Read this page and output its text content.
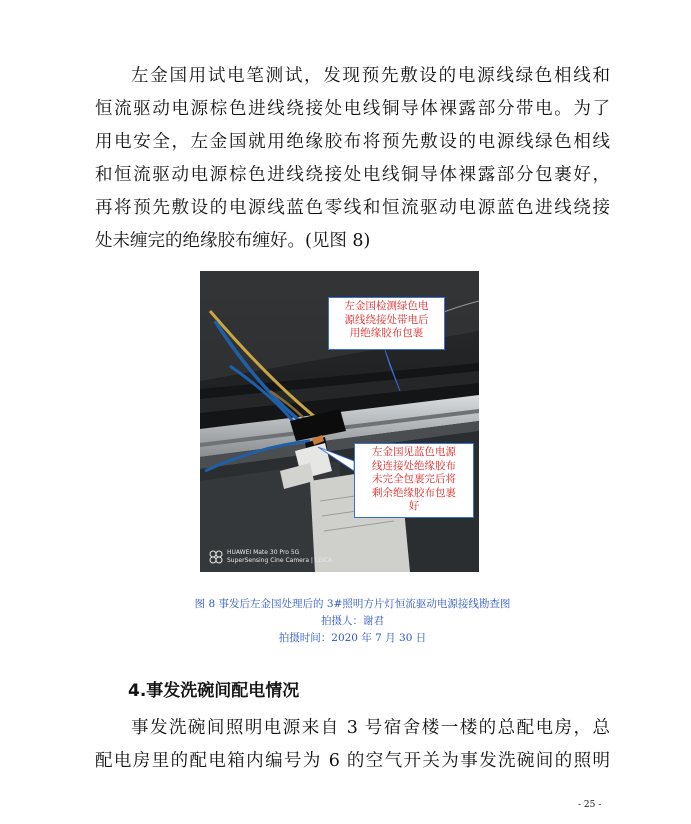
左金国用试电笔测试，发现预先敷设的电源线绿色相线和
恒流驱动电源棕色进线绕接处电线铜导体裸露部分带电。为了
用电安全，左金国就用绝缘胶布将预先敷设的电源线绿色相线
和恒流驱动电源棕色进线绕接处电线铜导体裸露部分包裹好，
再将预先敷设的电源线蓝色零线和恒流驱动电源蓝色进线绕接
处未缠完的绝缘胶布缠好。(见图 8)
左金国检测绿色电
源线绕接处带电后
用绝缘胶布包裹
左金国见蓝色电源
线连接处绝缘胶布
未完全包裹完后将
剩余绝缘胶布包裹
好
HUAWEI Mate 30 Pro 5G
SuperSensing Cine Camera | LEICA
图 8 事发后左金国处理后的 3#照明方片灯恒流驱动电源接线勘查图
拍摄人：谢君
拍摄时间：2020 年 7 月 30 日
4.事发洗碗间配电情况
事发洗碗间照明电源来自 3 号宿舍楼一楼的总配电房，总
配电房里的配电箱内编号为 6 的空气开关为事发洗碗间的照明
- 25 -
